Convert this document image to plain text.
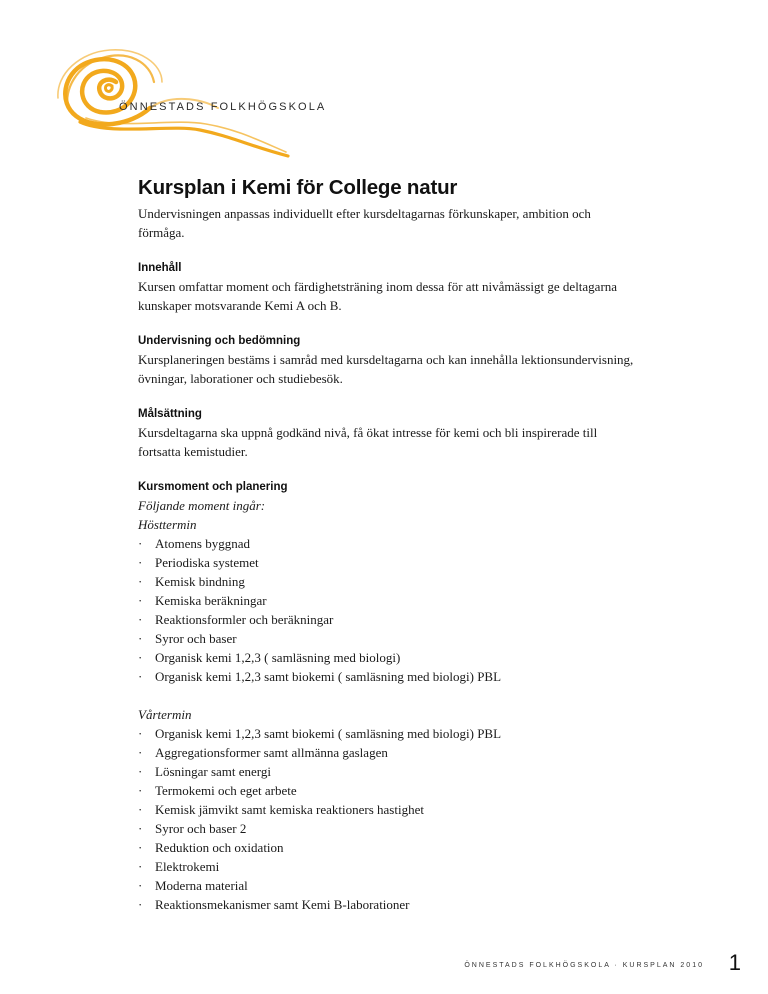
ÖNNESTADS FOLKHÖGSKOLA
Kursplan i Kemi för College natur

Undervisningen anpassas individuellt efter kursdeltagarnas förkunskaper, ambition och förmåga.

Innehåll

Kursen omfattar moment och färdighetsträning inom dessa för att nivåmässigt ge deltagarna kunskaper motsvarande Kemi A och B.

Undervisning och bedömning

Kursplaneringen bestäms i samråd med kursdeltagarna och kan innehålla lektionsundervisning, övningar, laborationer och studiebesök.

Målsättning

Kursdeltagarna ska uppnå godkänd nivå, få ökat intresse för kemi och bli inspirerade till fortsatta kemistudier.

Kursmoment och planering

Följande moment ingår:

Hösttermin

· Atomens byggnad
· Periodiska systemet
· Kemisk bindning
· Kemiska beräkningar
· Reaktionsformler och beräkningar
· Syror och baser
· Organisk kemi 1,2,3 ( samläsning med biologi)
· Organisk kemi 1,2,3 samt biokemi ( samläsning med biologi) PBL

Vårtermin

· Organisk kemi 1,2,3 samt biokemi ( samläsning med biologi) PBL
· Aggregationsformer samt allmänna gaslagen
· Lösningar samt energi
· Termokemi och eget arbete
· Kemisk jämvikt samt kemiska reaktioners hastighet
· Syror och baser 2
· Reduktion och oxidation
· Elektrokemi
· Moderna material
· Reaktionsmekanismer samt Kemi B-laborationer
ÖNNESTADS FOLKHÖGSKOLA · KURSPLAN 2010 1
